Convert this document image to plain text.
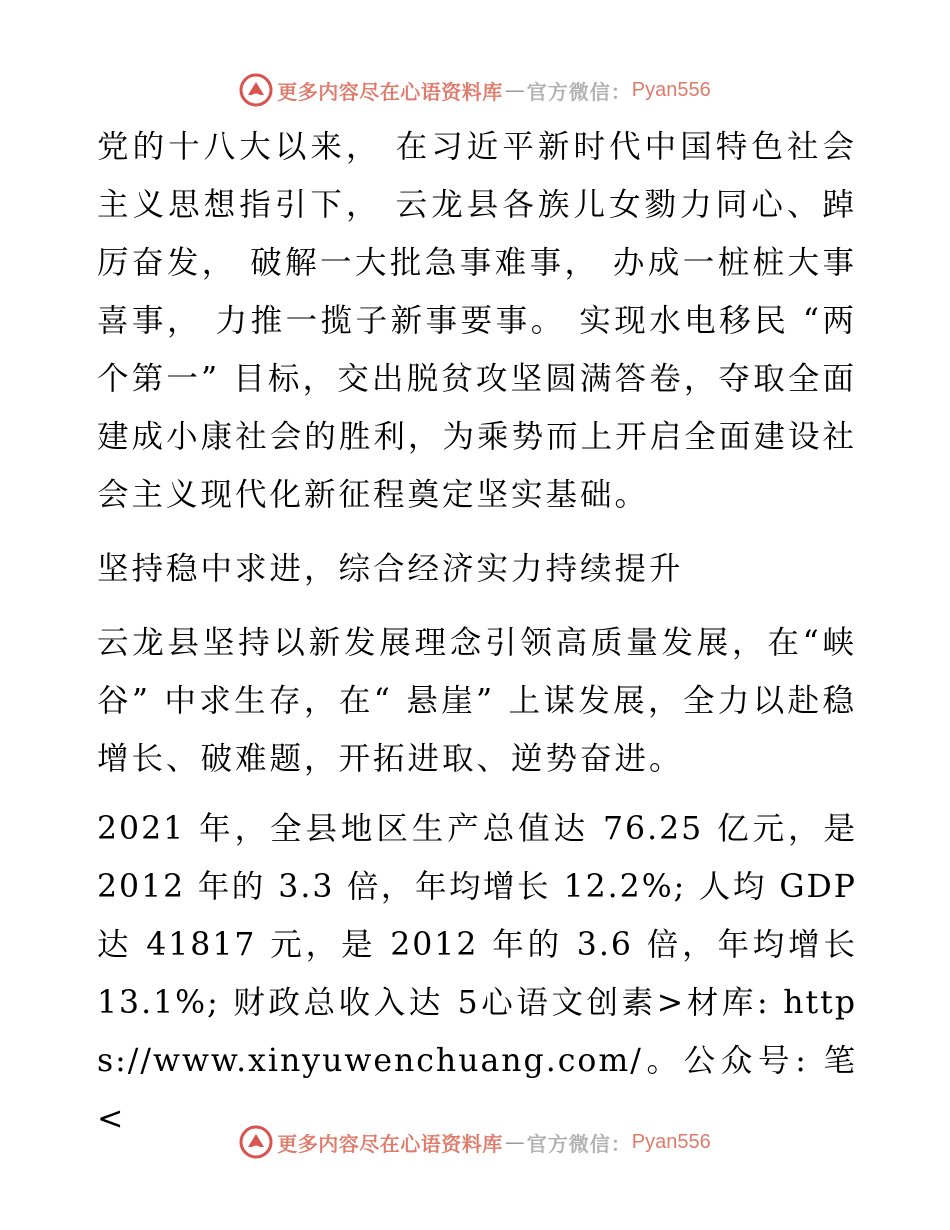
更多内容尽在心语资料库 — 官方微信： Pyan556

党的十八大以来， 在习近平新时代中国特色社会主义思想指引下， 云龙县各族儿女勠力同心、踔厉奋发， 破解一大批急事难事， 办成一桩桩大事喜事， 力推一揽子新事要事。 实现水电移民 “两个第一” 目标，交出脱贫攻坚圆满答卷，夺取全面建成小康社会的胜利，为乘势而上开启全面建设社会主义现代化新征程奠定坚实基础。

坚持稳中求进，综合经济实力持续提升

云龙县坚持以新发展理念引领高质量发展，在“峡谷” 中求生存，在“ 悬崖” 上谋发展，全力以赴稳增长、破难题，开拓进取、逆势奋进。

2021 年，全县地区生产总值达 76.25 亿元，是 2012 年的 3.3 倍，年均增长 12.2%; 人均 GDP达 41817 元，是 2012 年的 3.6 倍，年均增长 13.1%; 财政总收入达 5心语文创素>材库: https://www.xinyuwenchuang.com/。公众号: 笔<

更多内容尽在心语资料库 — 官方微信： Pyan556
